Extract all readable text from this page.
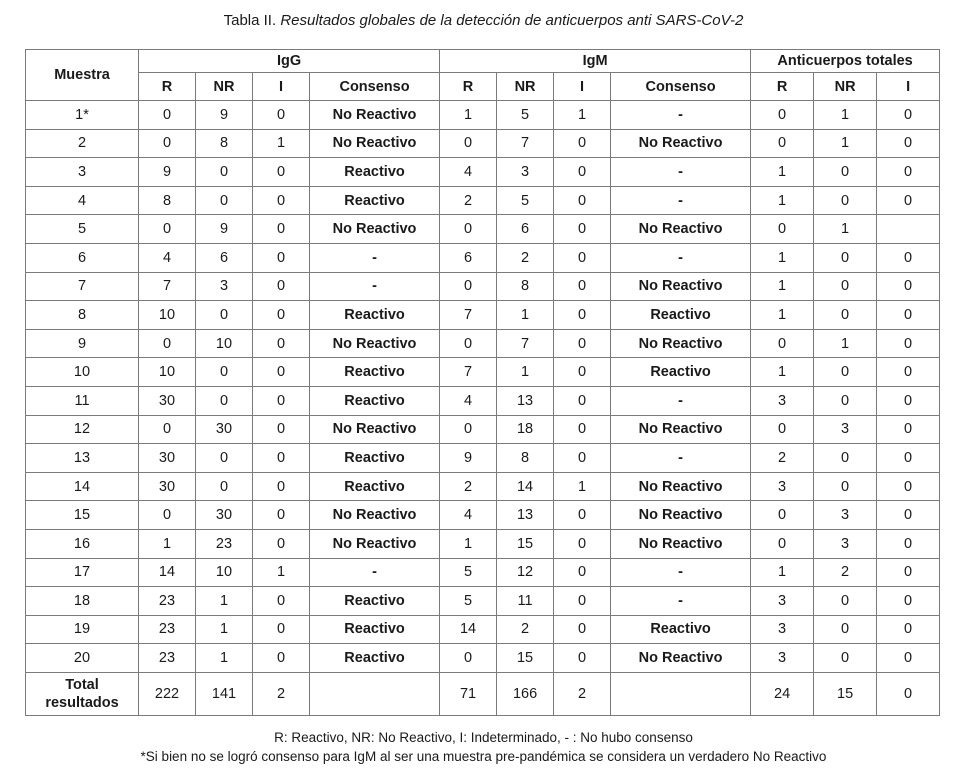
Tabla II. Resultados globales de la detección de anticuerpos anti SARS-CoV-2
Muestra	IgG				IgM				Anticuerpos totales		
	R	NR	I	Consenso	R	NR	I	Consenso	R	NR	I
1*	0	9	0	No Reactivo	1	5	1	-	0	1	0
2	0	8	1	No Reactivo	0	7	0	No Reactivo	0	1	0
3	9	0	0	Reactivo	4	3	0	-	1	0	0
4	8	0	0	Reactivo	2	5	0	-	1	0	0
5	0	9	0	No Reactivo	0	6	0	No Reactivo	0	1	
6	4	6	0	-	6	2	0	-	1	0	0
7	7	3	0	-	0	8	0	No Reactivo	1	0	0
8	10	0	0	Reactivo	7	1	0	Reactivo	1	0	0
9	0	10	0	No Reactivo	0	7	0	No Reactivo	0	1	0
10	10	0	0	Reactivo	7	1	0	Reactivo	1	0	0
11	30	0	0	Reactivo	4	13	0	-	3	0	0
12	0	30	0	No Reactivo	0	18	0	No Reactivo	0	3	0
13	30	0	0	Reactivo	9	8	0	-	2	0	0
14	30	0	0	Reactivo	2	14	1	No Reactivo	3	0	0
15	0	30	0	No Reactivo	4	13	0	No Reactivo	0	3	0
16	1	23	0	No Reactivo	1	15	0	No Reactivo	0	3	0
17	14	10	1	-	5	12	0	-	1	2	0
18	23	1	0	Reactivo	5	11	0	-	3	0	0
19	23	1	0	Reactivo	14	2	0	Reactivo	3	0	0
20	23	1	0	Reactivo	0	15	0	No Reactivo	3	0	0

Total
resultados	222	141	2		71	166	2		24	15	0
R: Reactivo, NR: No Reactivo, I: Indeterminado, - : No hubo consenso
*Si bien no se logró consenso para IgM al ser una muestra pre-pandémica se considera un verdadero No Reactivo
